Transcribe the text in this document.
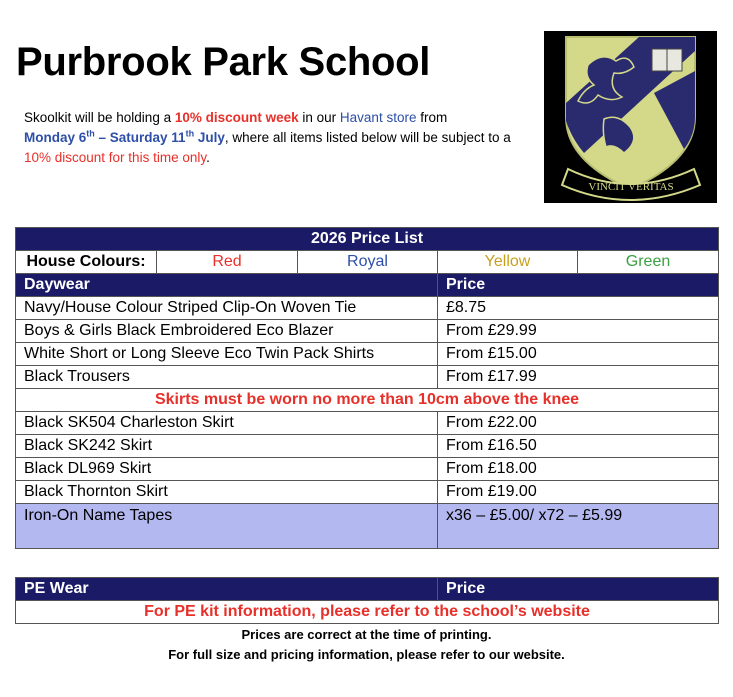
Purbrook Park School
Skoolkit will be holding a 10% discount week in our Havant store from
Monday 6th – Saturday 11th July, where all items listed below will be subject to a 10% discount for this time only.
VINCIT VERITAS
2026 Price List				
House Colours:	Red	Royal	Yellow	Green
Daywear			Price	
Navy/House Colour Striped Clip-On Woven Tie			£8.75	
Boys & Girls Black Embroidered Eco Blazer			From £29.99	
White Short or Long Sleeve Eco Twin Pack Shirts			From £15.00	
Black Trousers			From £17.99	
Skirts must be worn no more than 10cm above the knee				
Black SK504 Charleston Skirt			From £22.00	
Black SK242 Skirt			From £16.50	
Black DL969 Skirt			From £18.00	
Black Thornton Skirt			From £19.00	
Iron-On Name Tapes			x36 – £5.00/ x72 – £5.99	
PE Wear	Price
For PE kit information, please refer to the school’s website
Prices are correct at the time of printing.
For full size and pricing information, please refer to our website.
